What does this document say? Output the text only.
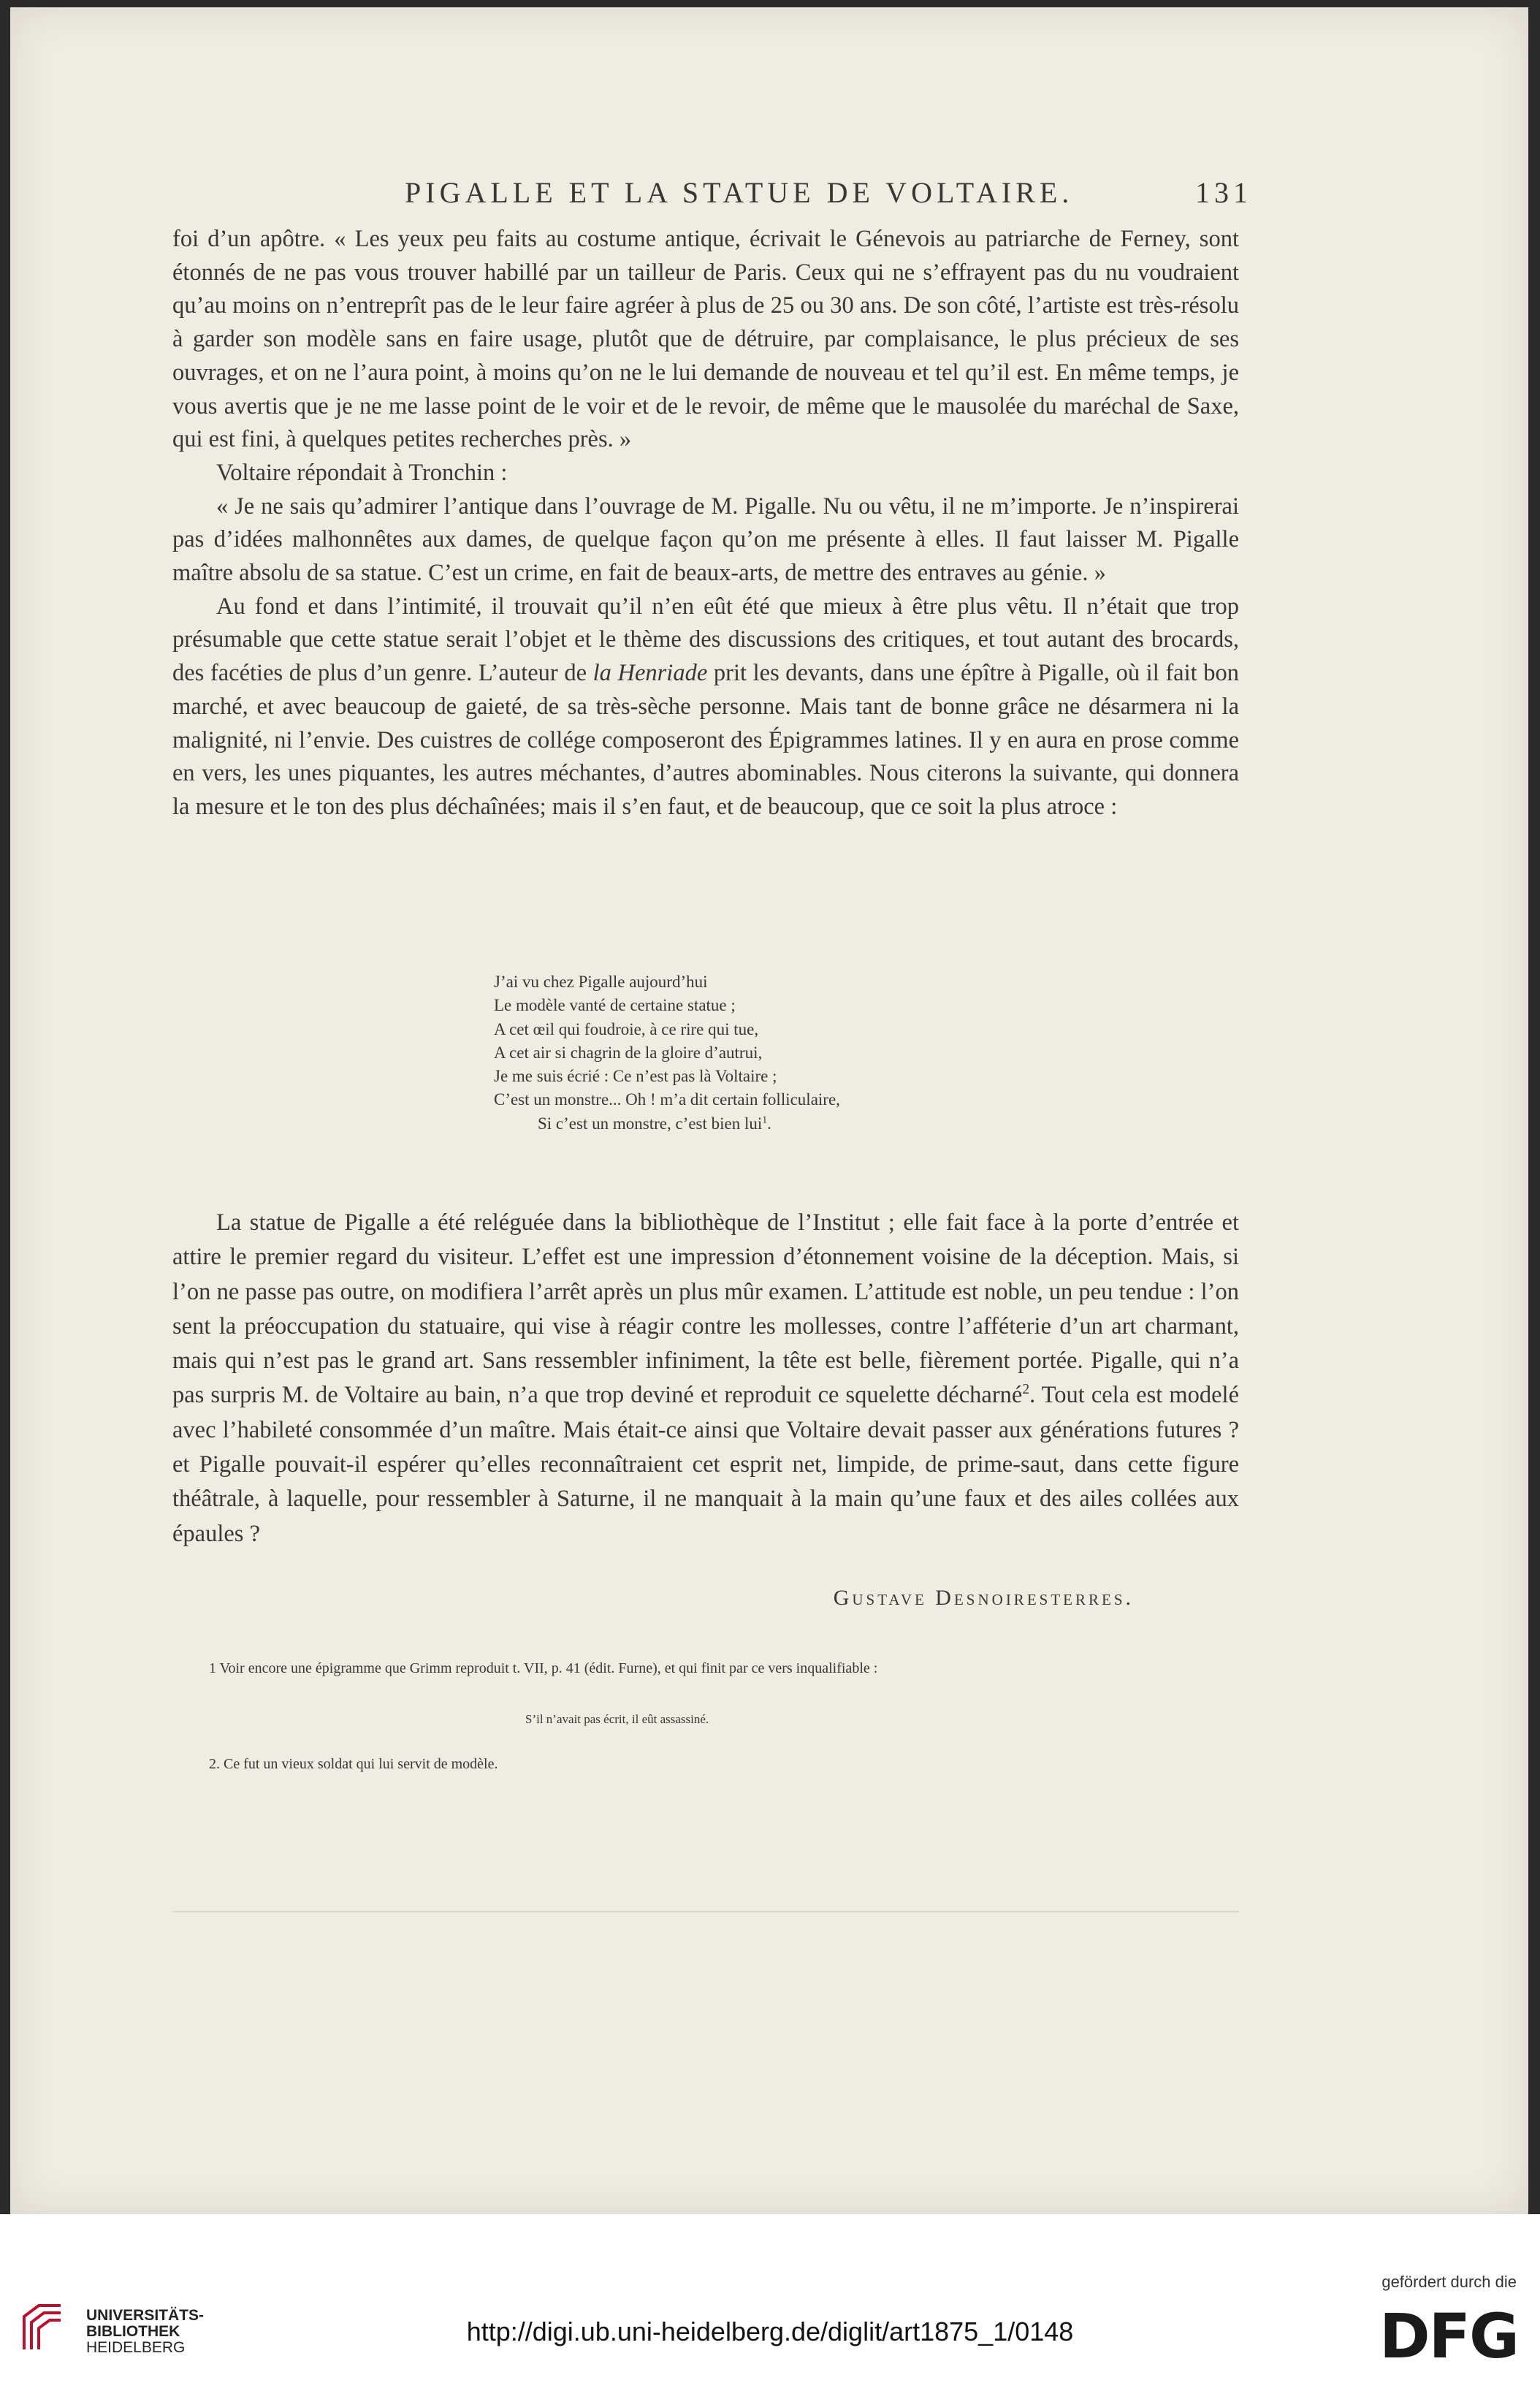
PIGALLE ET LA STATUE DE VOLTAIRE.	131

foi d’un apôtre. « Les yeux peu faits au costume antique, écrivait le Génevois au patriarche de Ferney, sont étonnés de ne pas vous trouver habillé par un tailleur de Paris. Ceux qui ne s’effrayent pas du nu voudraient qu’au moins on n’entreprît pas de le leur faire agréer à plus de 25 ou 30 ans. De son côté, l’artiste est très-résolu à garder son modèle sans en faire usage, plutôt que de détruire, par complaisance, le plus précieux de ses ouvrages, et on ne l’aura point, à moins qu’on ne le lui demande de nouveau et tel qu’il est. En même temps, je vous avertis que je ne me lasse point de le voir et de le revoir, de même que le mausolée du maréchal de Saxe, qui est fini, à quelques petites recherches près. »

Voltaire répondait à Tronchin :

« Je ne sais qu’admirer l’antique dans l’ouvrage de M. Pigalle. Nu ou vêtu, il ne m’importe. Je n’inspirerai pas d’idées malhonnêtes aux dames, de quelque façon qu’on me présente à elles. Il faut laisser M. Pigalle maître absolu de sa statue. C’est un crime, en fait de beaux-arts, de mettre des entraves au génie. »

Au fond et dans l’intimité, il trouvait qu’il n’en eût été que mieux à être plus vêtu. Il n’était que trop présumable que cette statue serait l’objet et le thème des discussions des critiques, et tout autant des brocards, des facéties de plus d’un genre. L’auteur de la Henriade prit les devants, dans une épître à Pigalle, où il fait bon marché, et avec beaucoup de gaieté, de sa très-sèche personne. Mais tant de bonne grâce ne désarmera ni la malignité, ni l’envie. Des cuistres de collége composeront des Épigrammes latines. Il y en aura en prose comme en vers, les unes piquantes, les autres méchantes, d’autres abominables. Nous citerons la suivante, qui donnera la mesure et le ton des plus déchaînées; mais il s’en faut, et de beaucoup, que ce soit la plus atroce :

J’ai vu chez Pigalle aujourd’hui
Le modèle vanté de certaine statue ;
A cet œil qui foudroie, à ce rire qui tue,
A cet air si chagrin de la gloire d’autrui,
Je me suis écrié : Ce n’est pas là Voltaire ;
C’est un monstre... Oh ! m’a dit certain folliculaire,
Si c’est un monstre, c’est bien lui$^1$.

La statue de Pigalle a été reléguée dans la bibliothèque de l’Institut ; elle fait face à la porte d’entrée et attire le premier regard du visiteur. L’effet est une impression d’étonnement voisine de la déception. Mais, si l’on ne passe pas outre, on modifiera l’arrêt après un plus mûr examen. L’attitude est noble, un peu tendue : l’on sent la préoccupation du statuaire, qui vise à réagir contre les mollesses, contre l’afféterie d’un art charmant, mais qui n’est pas le grand art. Sans ressembler infiniment, la tête est belle, fièrement portée. Pigalle, qui n’a pas surpris M. de Voltaire au bain, n’a que trop deviné et reproduit ce squelette décharné$^2$. Tout cela est modelé avec l’habileté consommée d’un maître. Mais était-ce ainsi que Voltaire devait passer aux générations futures ? et Pigalle pouvait-il espérer qu’elles reconnaîtraient cet esprit net, limpide, de prime-saut, dans cette figure théâtrale, à laquelle, pour ressembler à Saturne, il ne manquait à la main qu’une faux et des ailes collées aux épaules ?

Gustave Desnoiresterres.
1 Voir encore une épigramme que Grimm reproduit t. VII, p. 41 (édit. Furne), et qui finit par ce vers inqualifiable :
S’il n’avait pas écrit, il eût assassiné.
2. Ce fut un vieux soldat qui lui servit de modèle.
UNIVERSITÄTS-
BIBLIOTHEK
HEIDELBERG
http://digi.ub.uni-heidelberg.de/diglit/art1875_1/0148
gefördert durch die
DFG
